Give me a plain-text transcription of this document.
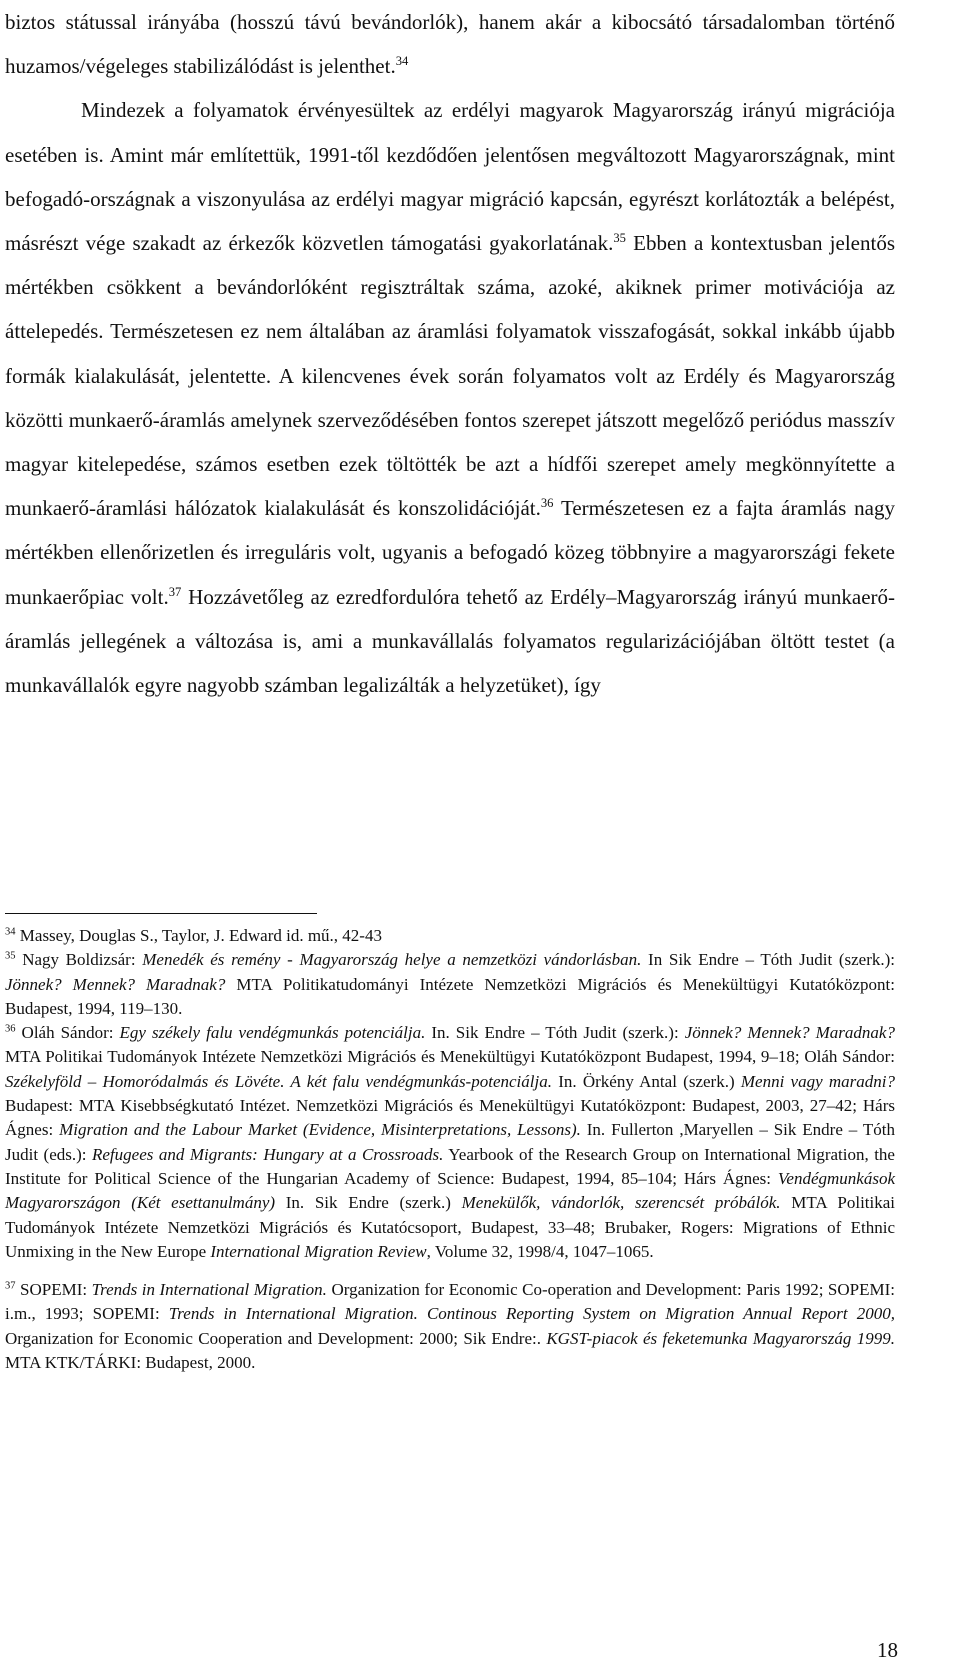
biztos státussal irányába (hosszú távú bevándorlók), hanem akár a kibocsátó társadalomban történő huzamos/végeleges stabilizálódást is jelenthet.$^{34}$

Mindezek a folyamatok érvényesültek az erdélyi magyarok Magyarország irányú migrációja esetében is. Amint már említettük, 1991-től kezdődően jelentősen megváltozott Magyarországnak, mint befogadó-országnak a viszonyulása az erdélyi magyar migráció kapcsán, egyrészt korlátozták a belépést, másrészt vége szakadt az érkezők közvetlen támogatási gyakorlatának.$^{35}$ Ebben a kontextusban jelentős mértékben csökkent a bevándorlóként regisztráltak száma, azoké, akiknek primer motivációja az áttelepedés. Természetesen ez nem általában az áramlási folyamatok visszafogását, sokkal inkább újabb formák kialakulását, jelentette. A kilencvenes évek során folyamatos volt az Erdély és Magyarország közötti munkaerő-áramlás amelynek szerveződésében fontos szerepet játszott megelőző periódus masszív magyar kitelepedése, számos esetben ezek töltötték be azt a hídfői szerepet amely megkönnyítette a munkaerő-áramlási hálózatok kialakulását és konszolidációját.$^{36}$ Természetesen ez a fajta áramlás nagy mértékben ellenőrizetlen és irreguláris volt, ugyanis a befogadó közeg többnyire a magyarországi fekete munkaerőpiac volt.$^{37}$ Hozzávetőleg az ezredfordulóra tehető az Erdély–Magyarország irányú munkaerő-áramlás jellegének a változása is, ami a munkavállalás folyamatos regularizációjában öltött testet (a munkavállalók egyre nagyobb számban legalizálták a helyzetüket), így

$^{34}$ Massey, Douglas S., Taylor, J. Edward id. mű., 42-43

$^{35}$ Nagy Boldizsár: Menedék és remény - Magyarország helye a nemzetközi vándorlásban. In Sik Endre – Tóth Judit (szerk.): Jönnek? Mennek? Maradnak? MTA Politikatudományi Intézete Nemzetközi Migrációs és Menekültügyi Kutatóközpont: Budapest, 1994, 119–130.

$^{36}$ Oláh Sándor: Egy székely falu vendégmunkás potenciálja. In. Sik Endre – Tóth Judit (szerk.): Jönnek? Mennek? Maradnak? MTA Politikai Tudományok Intézete Nemzetközi Migrációs és Menekültügyi Kutatóközpont Budapest, 1994, 9–18; Oláh Sándor: Székelyföld – Homoródalmás és Lövéte. A két falu vendégmunkás-potenciálja. In. Örkény Antal (szerk.) Menni vagy maradni? Budapest: MTA Kisebbségkutató Intézet. Nemzetközi Migrációs és Menekültügyi Kutatóközpont: Budapest, 2003, 27–42; Hárs Ágnes: Migration and the Labour Market (Evidence, Misinterpretations, Lessons). In. Fullerton ,Maryellen – Sik Endre – Tóth Judit (eds.): Refugees and Migrants: Hungary at a Crossroads. Yearbook of the Research Group on International Migration, the Institute for Political Science of the Hungarian Academy of Science: Budapest, 1994, 85–104; Hárs Ágnes: Vendégmunkások Magyarországon (Két esettanulmány) In. Sik Endre (szerk.) Menekülők, vándorlók, szerencsét próbálók. MTA Politikai Tudományok Intézete Nemzetközi Migrációs és Kutatócsoport, Budapest, 33–48; Brubaker, Rogers: Migrations of Ethnic Unmixing in the New Europe International Migration Review, Volume 32, 1998/4, 1047–1065.

$^{37}$ SOPEMI: Trends in International Migration. Organization for Economic Co-operation and Development: Paris 1992; SOPEMI: i.m., 1993; SOPEMI: Trends in International Migration. Continous Reporting System on Migration Annual Report 2000, Organization for Economic Cooperation and Development: 2000; Sik Endre:. KGST-piacok és feketemunka Magyarország 1999. MTA KTK/TÁRKI: Budapest, 2000.

18
